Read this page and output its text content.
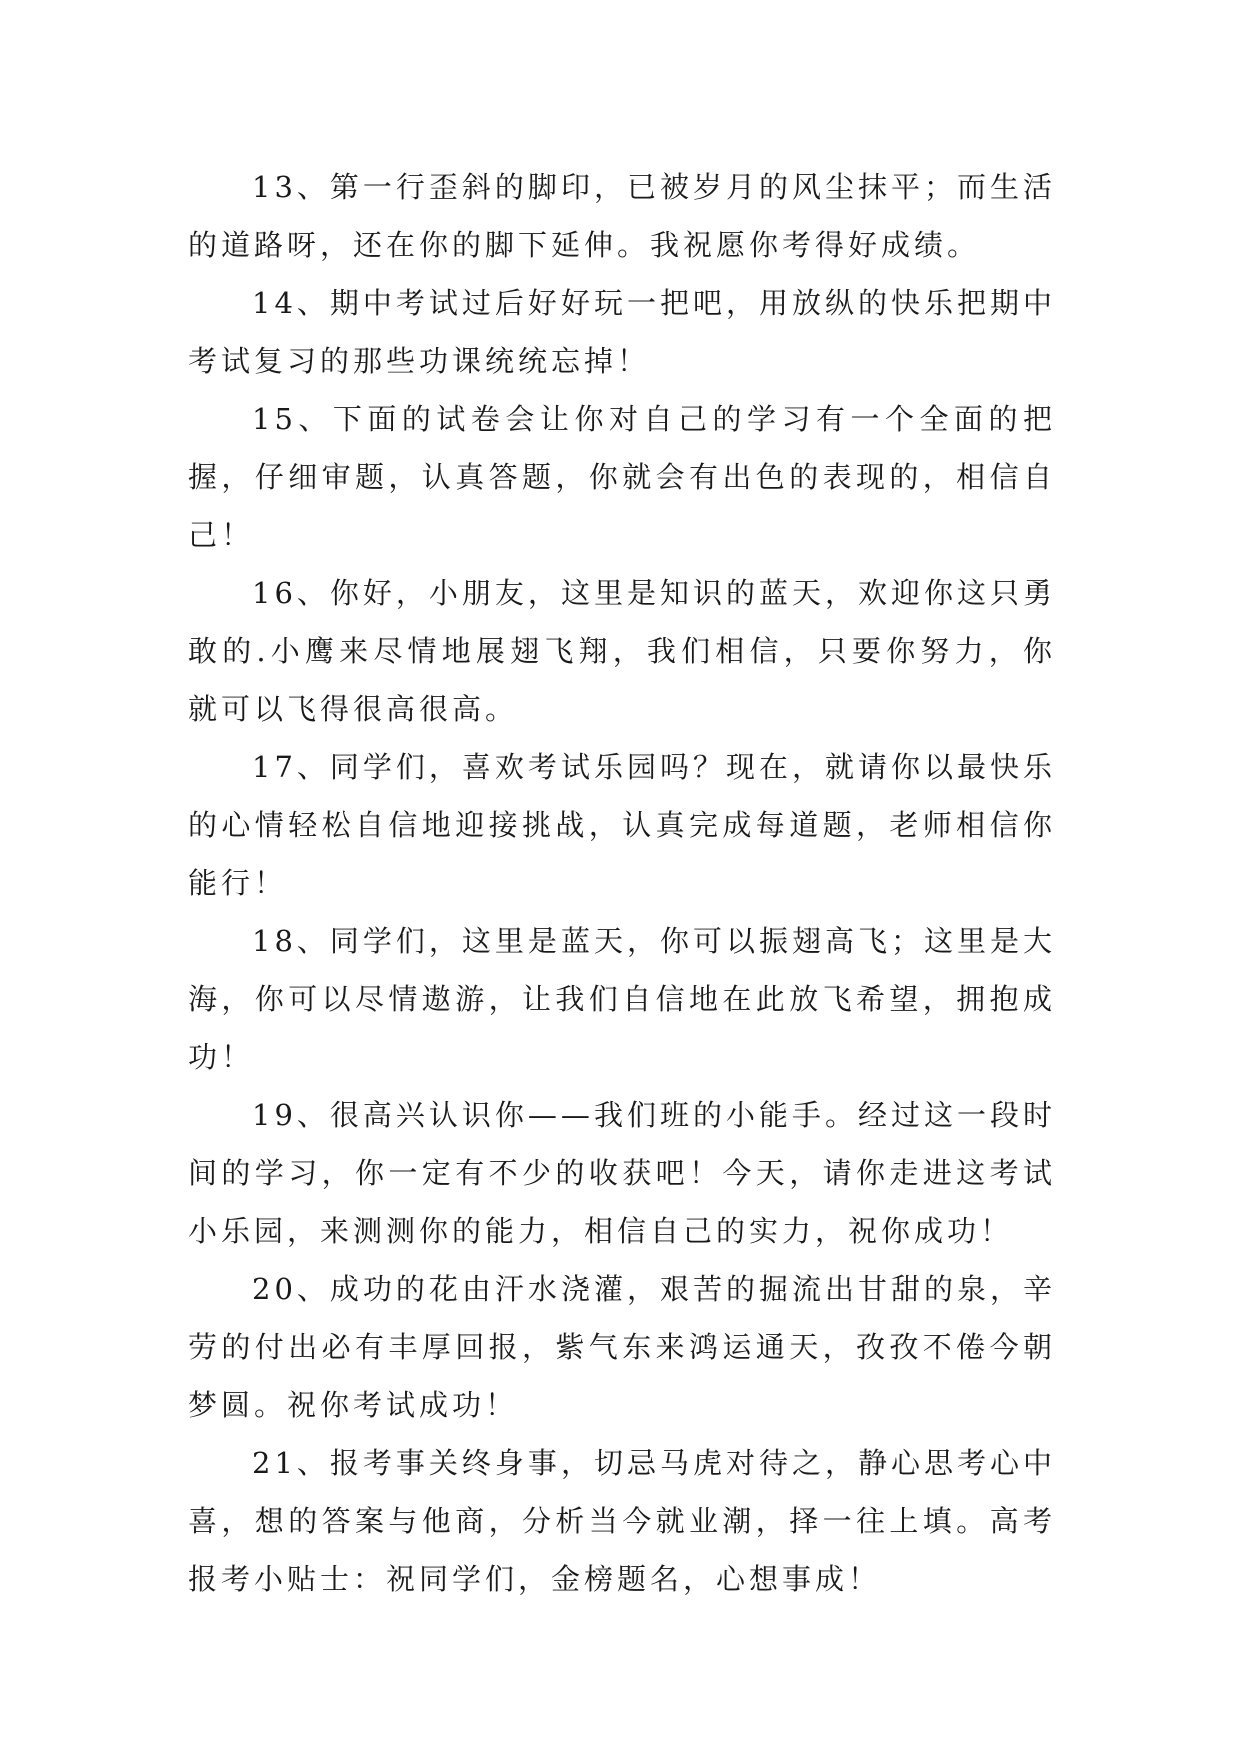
13、第一行歪斜的脚印，已被岁月的风尘抹平；而生活的道路呀，还在你的脚下延伸。我祝愿你考得好成绩。

14、期中考试过后好好玩一把吧，用放纵的快乐把期中考试复习的那些功课统统忘掉！

15、下面的试卷会让你对自己的学习有一个全面的把握，仔细审题，认真答题，你就会有出色的表现的，相信自己！

16、你好，小朋友，这里是知识的蓝天，欢迎你这只勇敢的.小鹰来尽情地展翅飞翔，我们相信，只要你努力，你就可以飞得很高很高。

17、同学们，喜欢考试乐园吗？现在，就请你以最快乐的心情轻松自信地迎接挑战，认真完成每道题，老师相信你能行！

18、同学们，这里是蓝天，你可以振翅高飞；这里是大海，你可以尽情遨游，让我们自信地在此放飞希望，拥抱成功！

19、很高兴认识你——我们班的小能手。经过这一段时间的学习，你一定有不少的收获吧！今天，请你走进这考试小乐园，来测测你的能力，相信自己的实力，祝你成功！

20、成功的花由汗水浇灌，艰苦的掘流出甘甜的泉，辛劳的付出必有丰厚回报，紫气东来鸿运通天，孜孜不倦今朝梦圆。祝你考试成功！

21、报考事关终身事，切忌马虎对待之，静心思考心中喜，想的答案与他商，分析当今就业潮，择一往上填。高考报考小贴士：祝同学们，金榜题名，心想事成！
